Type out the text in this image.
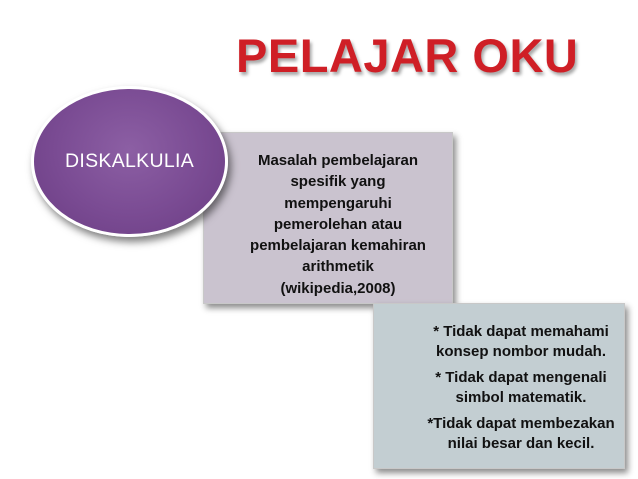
PELAJAR OKU

Masalah pembelajaran

spesifik yang

mempengaruhi

pemerolehan atau

pembelajaran kemahiran

arithmetik

(wikipedia,2008)

* Tidak dapat memahami konsep nombor mudah.

* Tidak dapat mengenali simbol matematik.

*Tidak dapat membezakan nilai besar dan kecil.

DISKALKULIA
